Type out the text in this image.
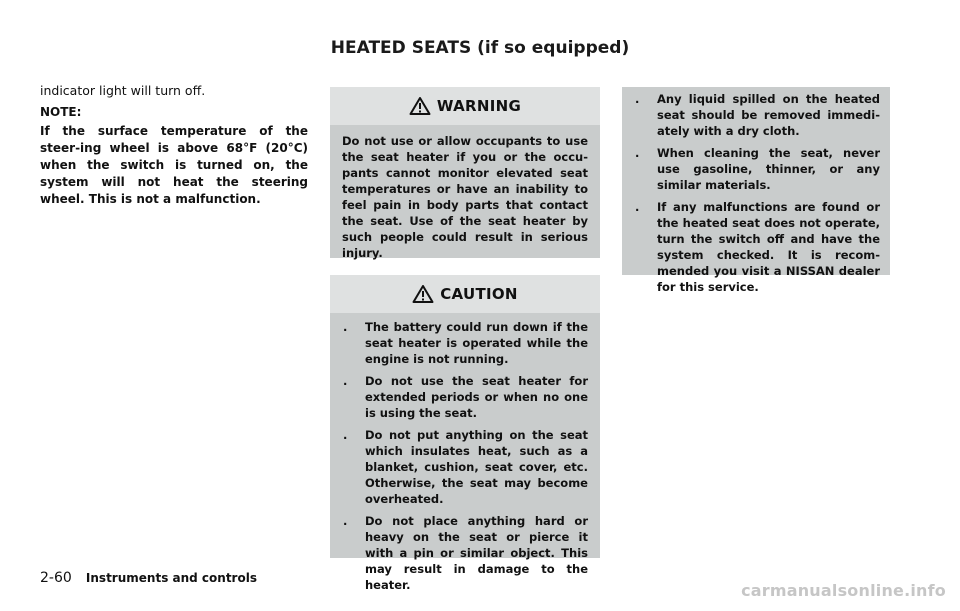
HEATED SEATS (if so equipped)

indicator light will turn off.

NOTE:

If the surface temperature of the steer-ing wheel is above 68°F (20°C) when the switch is turned on, the system will not heat the steering wheel. This is not a malfunction.

WARNING
Do not use or allow occupants to use the seat heater if you or the occu-pants cannot monitor elevated seat temperatures or have an inability to feel pain in body parts that contact the seat. Use of the seat heater by such people could result in serious injury.
CAUTION
.	The battery could run down if the seat heater is operated while the engine is not running.
.	Do not use the seat heater for extended periods or when no one is using the seat.
.	Do not put anything on the seat which insulates heat, such as a blanket, cushion, seat cover, etc. Otherwise, the seat may become overheated.
.	Do not place anything hard or heavy on the seat or pierce it with a pin or similar object. This may result in damage to the heater.
.	Any liquid spilled on the heated seat should be removed immedi-ately with a dry cloth.
.	When cleaning the seat, never use gasoline, thinner, or any similar materials.
.	If any malfunctions are found or the heated seat does not operate, turn the switch off and have the system checked. It is recom-mended you visit a NISSAN dealer for this service.
2-60 Instruments and controls
carmanualsonline.info
